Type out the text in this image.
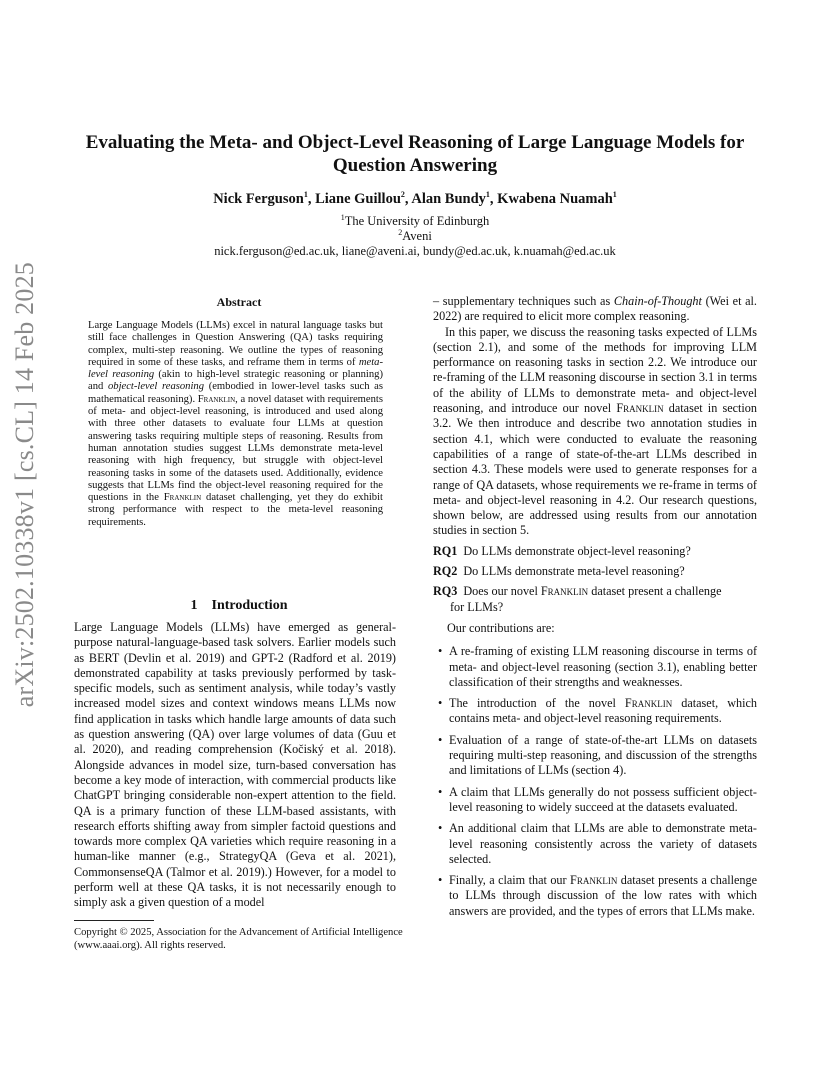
arXiv:2502.10338v1 [cs.CL] 14 Feb 2025
Evaluating the Meta- and Object-Level Reasoning of Large Language Models for Question Answering
Nick Ferguson$^1$, Liane Guillou$^2$, Alan Bundy$^1$, Kwabena Nuamah$^1$
$^1$The University of Edinburgh
$^2$Aveni
nick.ferguson@ed.ac.uk, liane@aveni.ai, bundy@ed.ac.uk, k.nuamah@ed.ac.uk
Abstract
Large Language Models (LLMs) excel in natural language tasks but still face challenges in Question Answering (QA) tasks requiring complex, multi-step reasoning. We outline the types of reasoning required in some of these tasks, and reframe them in terms of meta-level reasoning (akin to high-level strategic reasoning or planning) and object-level reasoning (embodied in lower-level tasks such as mathematical reasoning). Franklin, a novel dataset with requirements of meta- and object-level reasoning, is introduced and used along with three other datasets to evaluate four LLMs at question answering tasks requiring multiple steps of reasoning. Results from human annotation studies suggest LLMs demonstrate meta-level reasoning with high frequency, but struggle with object-level reasoning tasks in some of the datasets used. Additionally, evidence suggests that LLMs find the object-level reasoning required for the questions in the Franklin dataset challenging, yet they do exhibit strong performance with respect to the meta-level reasoning requirements.
1 Introduction
Large Language Models (LLMs) have emerged as general-purpose natural-language-based task solvers. Earlier models such as BERT (Devlin et al. 2019) and GPT-2 (Radford et al. 2019) demonstrated capability at tasks previously performed by task-specific models, such as sentiment analysis, while today’s vastly increased model sizes and context windows means LLMs now find application in tasks which handle large amounts of data such as question answering (QA) over large volumes of data (Guu et al. 2020), and reading comprehension (Kočiský et al. 2018). Alongside advances in model size, turn-based conversation has become a key mode of interaction, with commercial products like ChatGPT bringing considerable non-expert attention to the field. QA is a primary function of these LLM-based assistants, with research efforts shifting away from simpler factoid questions and towards more complex QA varieties which require reasoning in a human-like manner (e.g., StrategyQA (Geva et al. 2021), CommonsenseQA (Talmor et al. 2019).) However, for a model to perform well at these QA tasks, it is not necessarily enough to simply ask a given question of a model
Copyright © 2025, Association for the Advancement of Artificial Intelligence (www.aaai.org). All rights reserved.

– supplementary techniques such as Chain-of-Thought (Wei et al. 2022) are required to elicit more complex reasoning.

In this paper, we discuss the reasoning tasks expected of LLMs (section 2.1), and some of the methods for improving LLM performance on reasoning tasks in section 2.2. We introduce our re-framing of the LLM reasoning discourse in section 3.1 in terms of the ability of LLMs to demonstrate meta- and object-level reasoning, and introduce our novel Franklin dataset in section 3.2. We then introduce and describe two annotation studies in section 4.1, which were conducted to evaluate the reasoning capabilities of a range of state-of-the-art LLMs described in section 4.3. These models were used to generate responses for a range of QA datasets, whose requirements we re-frame in terms of meta- and object-level reasoning in 4.2. Our research questions, shown below, are addressed using results from our annotation studies in section 5.

RQ1 Do LLMs demonstrate object-level reasoning?
RQ2 Do LLMs demonstrate meta-level reasoning?
RQ3 Does our novel Franklin dataset present a challenge
for LLMs?
Our contributions are:
• A re-framing of existing LLM reasoning discourse in terms of meta- and object-level reasoning (section 3.1), enabling better classification of their strengths and weaknesses.
• The introduction of the novel Franklin dataset, which contains meta- and object-level reasoning requirements.
• Evaluation of a range of state-of-the-art LLMs on datasets requiring multi-step reasoning, and discussion of the strengths and limitations of LLMs (section 4).
• A claim that LLMs generally do not possess sufficient object-level reasoning to widely succeed at the datasets evaluated.
• An additional claim that LLMs are able to demonstrate meta-level reasoning consistently across the variety of datasets selected.
• Finally, a claim that our Franklin dataset presents a challenge to LLMs through discussion of the low rates with which answers are provided, and the types of errors that LLMs make.
